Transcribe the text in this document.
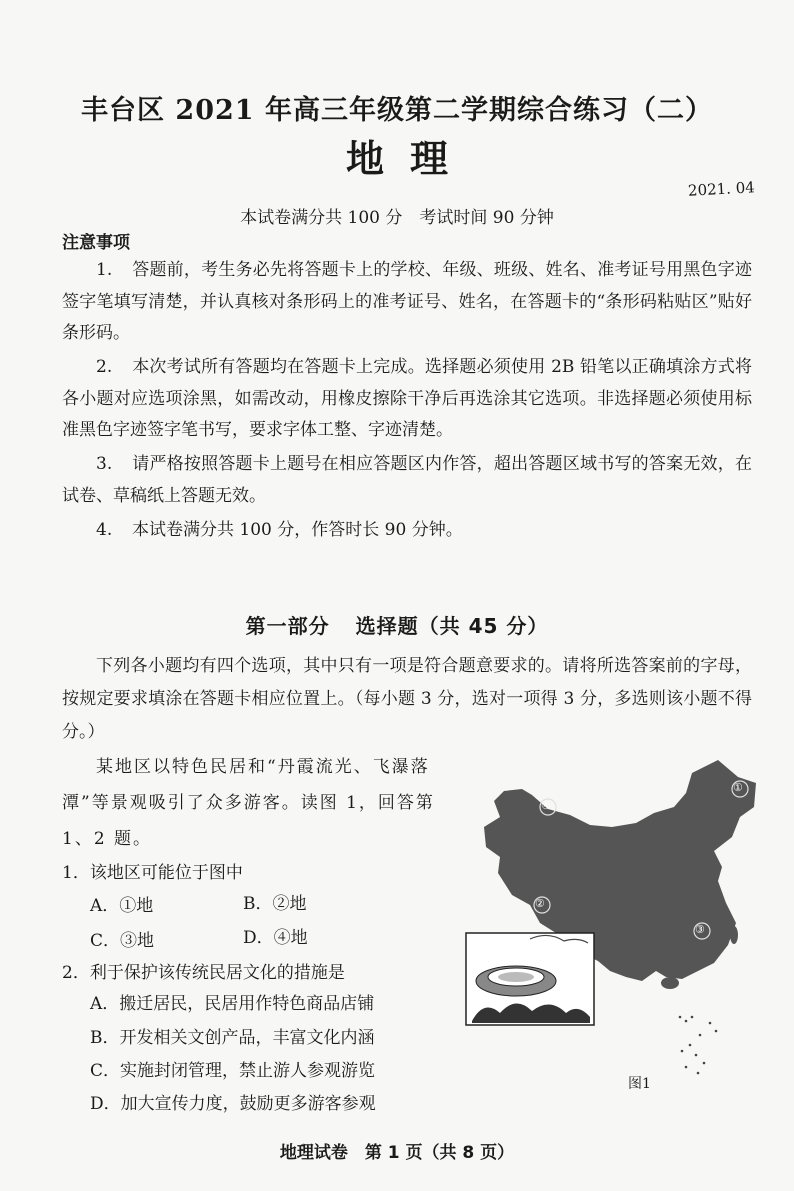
丰台区 2021 年高三年级第二学期综合练习（二）
地理
2021. 04
本试卷满分共 100 分　考试时间 90 分钟
注意事项
1. 答题前，考生务必先将答题卡上的学校、年级、班级、姓名、准考证号用黑色字迹签字笔填写清楚，并认真核对条形码上的准考证号、姓名，在答题卡的“条形码粘贴区”贴好条形码。
2. 本次考试所有答题均在答题卡上完成。选择题必须使用 2B 铅笔以正确填涂方式将各小题对应选项涂黑，如需改动，用橡皮擦除干净后再选涂其它选项。非选择题必须使用标准黑色字迹签字笔书写，要求字体工整、字迹清楚。
3. 请严格按照答题卡上题号在相应答题区内作答，超出答题区域书写的答案无效，在试卷、草稿纸上答题无效。
4. 本试卷满分共 100 分，作答时长 90 分钟。
第一部分 选择题（共 45 分）
下列各小题均有四个选项，其中只有一项是符合题意要求的。请将所选答案前的字母，按规定要求填涂在答题卡相应位置上。（每小题 3 分，选对一项得 3 分，多选则该小题不得分。）
某地区以特色民居和“丹霞流光、飞瀑落潭”等景观吸引了众多游客。读图 1，回答第 1、2 题。
1．该地区可能位于图中
A．①地	B．②地
C．③地	D．④地
2．利于保护该传统民居文化的措施是
A．搬迁居民，民居用作特色商品店铺
B．开发相关文创产品，丰富文化内涵
C．实施封闭管理，禁止游人参观游览
D．加大宣传力度，鼓励更多游客参观
④
①
②
③
图1
地理试卷　第 1 页（共 8 页）
